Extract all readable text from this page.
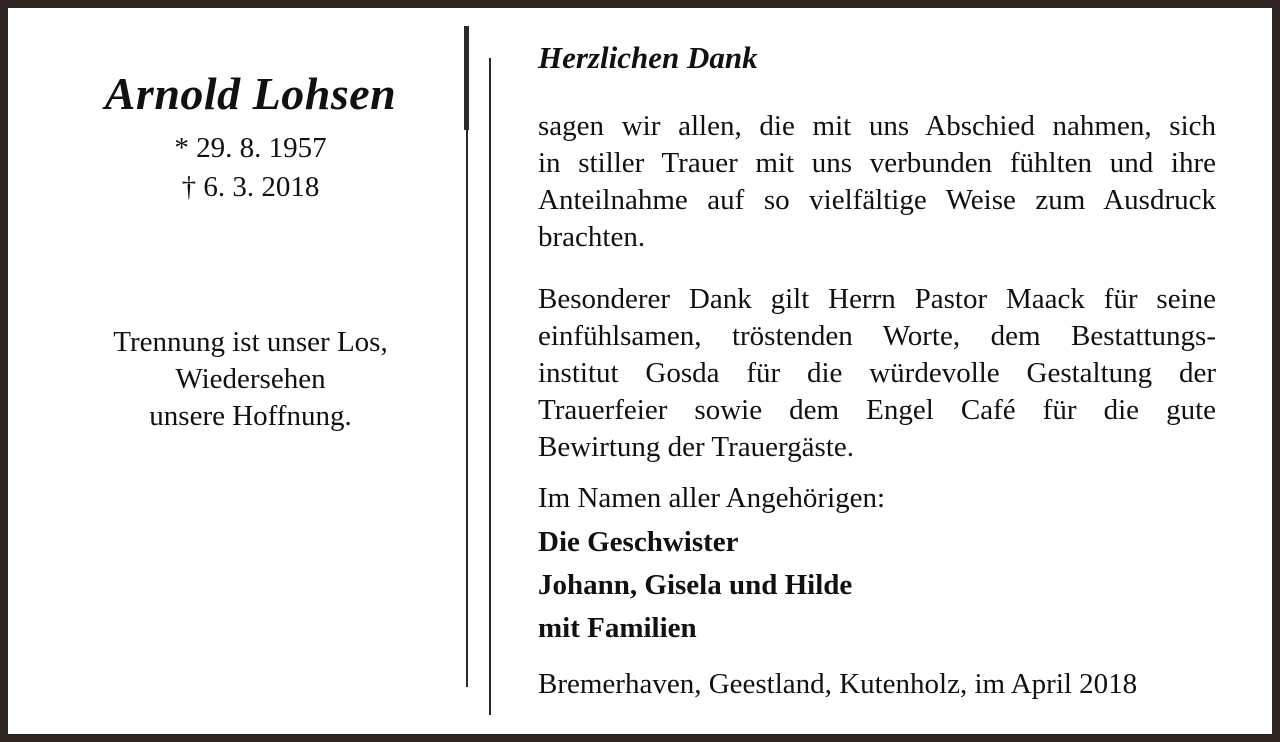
Arnold Lohsen
* 29. 8. 1957
† 6. 3. 2018
Trennung ist unser Los,
Wiedersehen
unsere Hoffnung.
Herzlichen Dank
sagen wir allen, die mit uns Abschied nahmen, sich
in stiller Trauer mit uns verbunden fühlten und ihre
Anteilnahme auf so vielfältige Weise zum Ausdruck
brachten.
Besonderer Dank gilt Herrn Pastor Maack für seine
einfühlsamen, tröstenden Worte, dem Bestattungs-
institut Gosda für die würdevolle Gestaltung der
Trauerfeier sowie dem Engel Café für die gute
Bewirtung der Trauergäste.
Im Namen aller Angehörigen:
Die Geschwister
Johann, Gisela und Hilde
mit Familien
Bremerhaven, Geestland, Kutenholz, im April 2018
